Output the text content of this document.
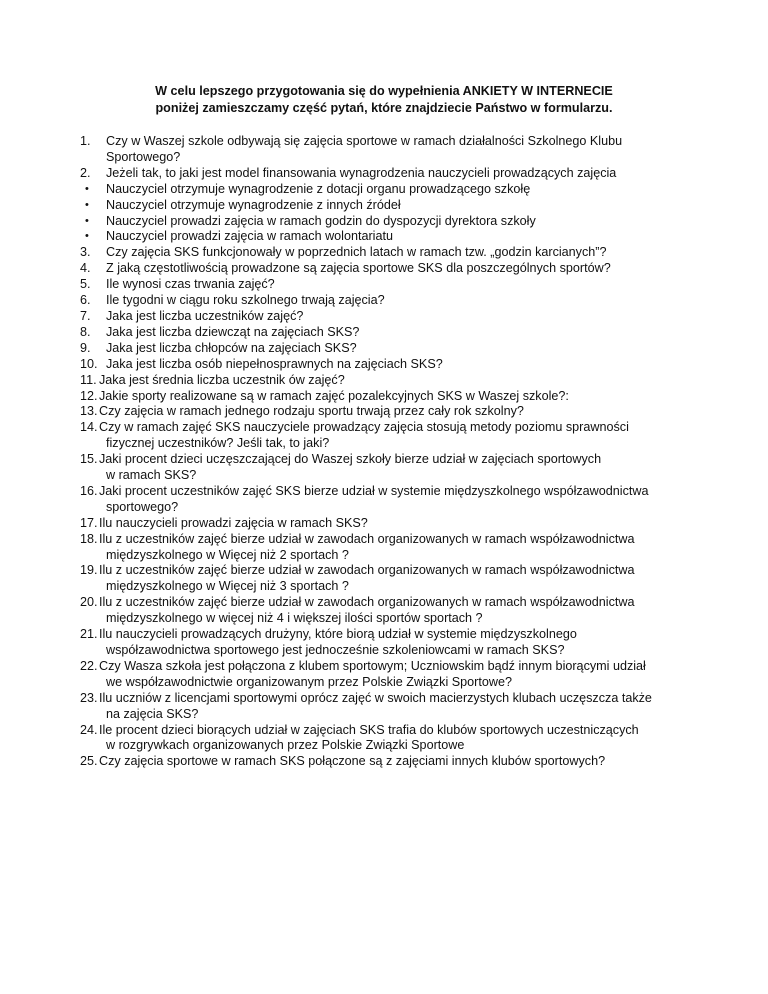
W celu lepszego przygotowania się do wypełnienia ANKIETY W INTERNECIE
poniżej zamieszczamy część pytań, które znajdziecie Państwo w formularzu.
1. Czy w Waszej szkole odbywają się zajęcia sportowe w ramach działalności Szkolnego Klubu
Sportowego?
2. Jeżeli tak, to jaki jest model finansowania wynagrodzenia nauczycieli prowadzących zajęcia
• Nauczyciel otrzymuje wynagrodzenie z dotacji organu prowadzącego szkołę
• Nauczyciel otrzymuje wynagrodzenie z innych źródeł
• Nauczyciel prowadzi zajęcia w ramach godzin do dyspozycji dyrektora szkoły
• Nauczyciel prowadzi zajęcia w ramach wolontariatu
3. Czy zajęcia SKS funkcjonowały w poprzednich latach w ramach tzw. „godzin karcianych”?
4. Z jaką częstotliwością prowadzone są zajęcia sportowe SKS dla poszczególnych sportów?
5. Ile wynosi czas trwania zajęć?
6. Ile tygodni w ciągu roku szkolnego trwają zajęcia?
7. Jaka jest liczba uczestników zajęć?
8. Jaka jest liczba dziewcząt na zajęciach SKS?
9. Jaka jest liczba chłopców na zajęciach SKS?
10. Jaka jest liczba osób niepełnosprawnych na zajęciach SKS?
11. Jaka jest średnia liczba uczestnik ów zajęć?
12. Jakie sporty realizowane są w ramach zajęć pozalekcyjnych SKS w Waszej szkole?:
13. Czy zajęcia w ramach jednego rodzaju sportu trwają przez cały rok szkolny?
14. Czy w ramach zajęć SKS nauczyciele prowadzący zajęcia stosują metody poziomu sprawności
fizycznej uczestników? Jeśli tak, to jaki?
15. Jaki procent dzieci uczęszczającej do Waszej szkoły bierze udział w zajęciach sportowych
w ramach SKS?
16. Jaki procent uczestników zajęć SKS bierze udział w systemie międzyszkolnego współzawodnictwa
sportowego?
17. Ilu nauczycieli prowadzi zajęcia w ramach SKS?
18. Ilu z uczestników zajęć bierze udział w zawodach organizowanych w ramach współzawodnictwa
międzyszkolnego w Więcej niż 2 sportach ?
19. Ilu z uczestników zajęć bierze udział w zawodach organizowanych w ramach współzawodnictwa
międzyszkolnego w Więcej niż 3 sportach ?
20. Ilu z uczestników zajęć bierze udział w zawodach organizowanych w ramach współzawodnictwa
międzyszkolnego w więcej niż 4 i większej ilości sportów sportach ?
21. Ilu nauczycieli prowadzących drużyny, które biorą udział w systemie międzyszkolnego
współzawodnictwa sportowego jest jednocześnie szkoleniowcami w ramach SKS?
22. Czy Wasza szkoła jest połączona z klubem sportowym; Uczniowskim bądź innym biorącymi udział
we współzawodnictwie organizowanym przez Polskie Związki Sportowe?
23. Ilu uczniów z licencjami sportowymi oprócz zajęć w swoich macierzystych klubach uczęszcza także
na zajęcia SKS?
24. Ile procent dzieci biorących udział w zajęciach SKS trafia do klubów sportowych uczestniczących
w rozgrywkach organizowanych przez Polskie Związki Sportowe
25. Czy zajęcia sportowe w ramach SKS połączone są z zajęciami innych klubów sportowych?
